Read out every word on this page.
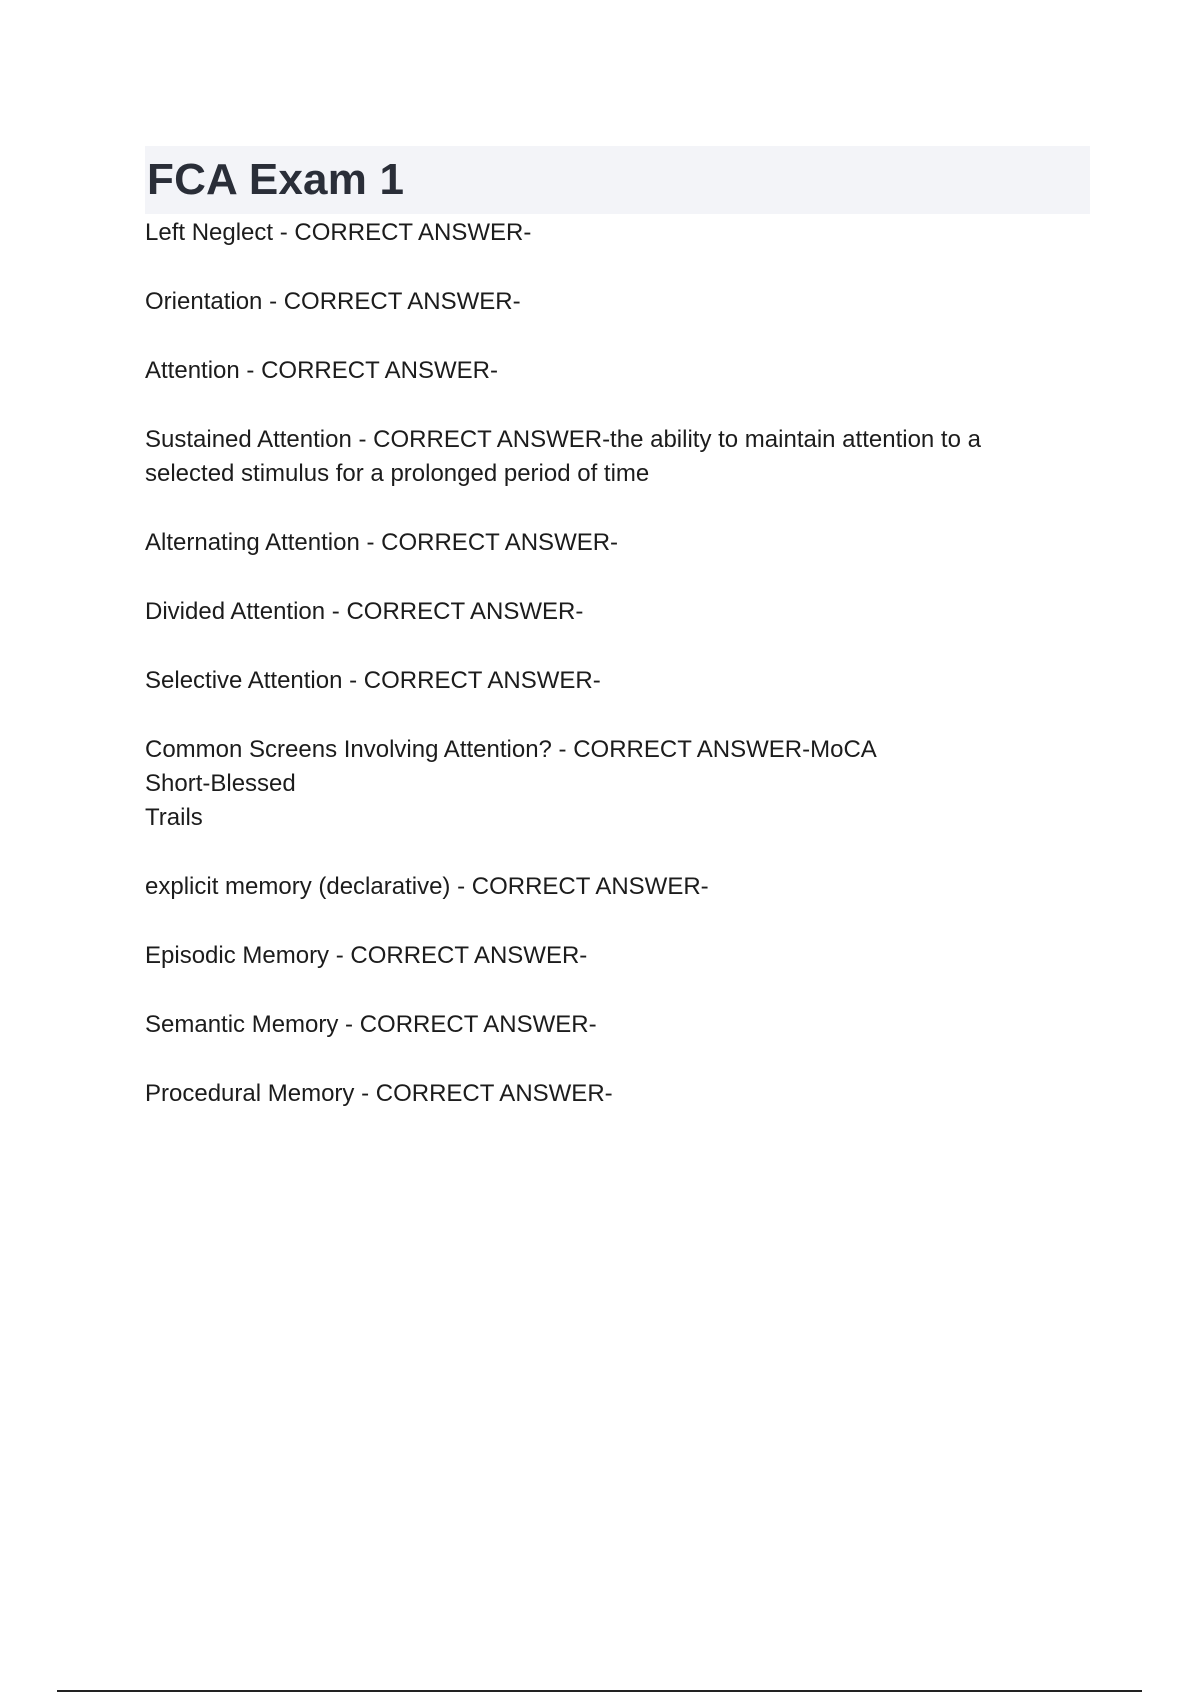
FCA Exam 1

Left Neglect - CORRECT ANSWER-

Orientation - CORRECT ANSWER-

Attention - CORRECT ANSWER-

Sustained Attention - CORRECT ANSWER-the ability to maintain attention to a
selected stimulus for a prolonged period of time

Alternating Attention - CORRECT ANSWER-

Divided Attention - CORRECT ANSWER-

Selective Attention - CORRECT ANSWER-

Common Screens Involving Attention? - CORRECT ANSWER-MoCA
Short-Blessed
Trails

explicit memory (declarative) - CORRECT ANSWER-

Episodic Memory - CORRECT ANSWER-

Semantic Memory - CORRECT ANSWER-

Procedural Memory - CORRECT ANSWER-
